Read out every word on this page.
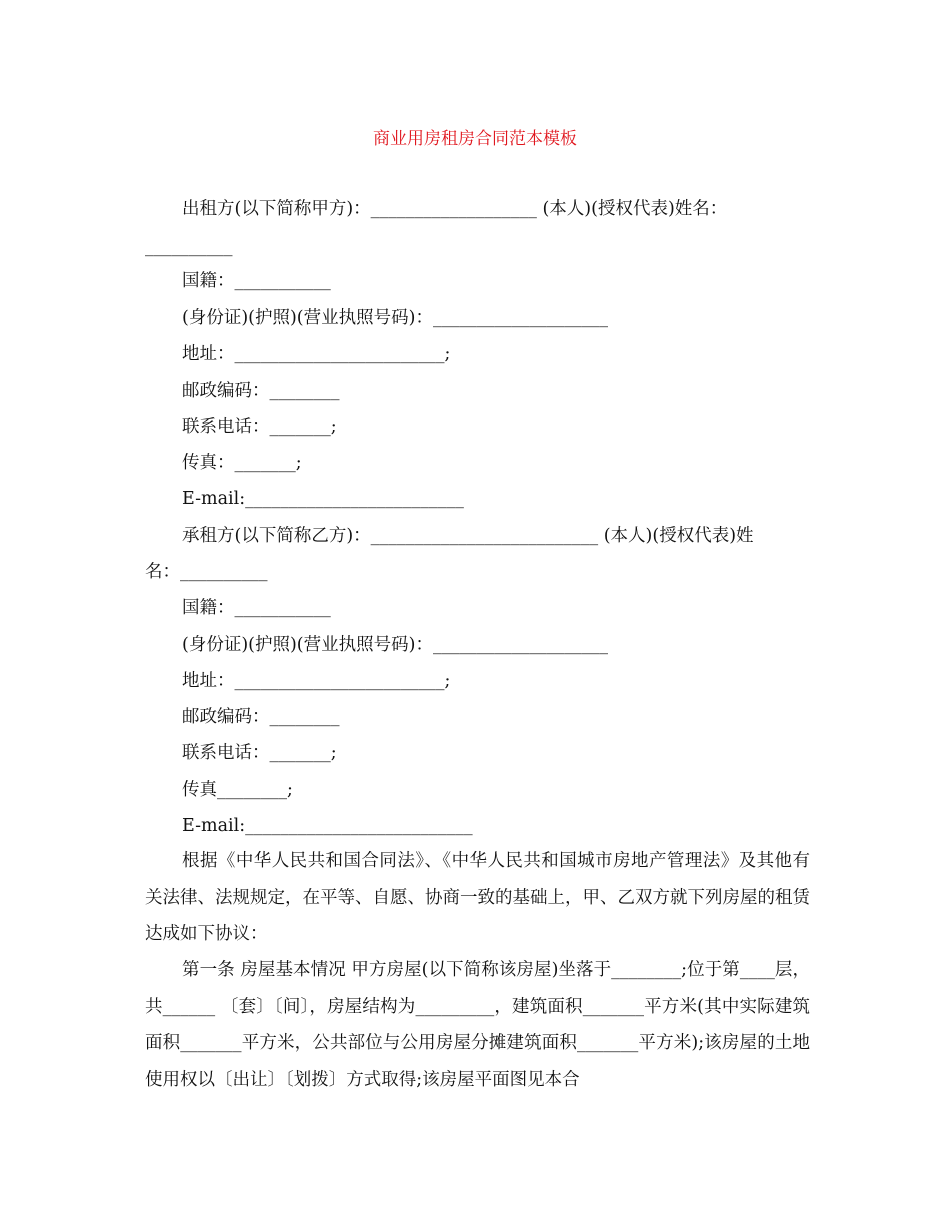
商业用房租房合同范本模板
出租方(以下简称甲方)：___________________ (本人)(授权代表)姓名：
__________
国籍：___________
(身份证)(护照)(营业执照号码)：____________________
地址：________________________;
邮政编码：________
联系电话：_______;
传真：_______;
E-mail:_________________________
承租方(以下简称乙方)：__________________________ (本人)(授权代表)姓
名：__________
国籍：___________
(身份证)(护照)(营业执照号码)：____________________
地址：________________________;
邮政编码：________
联系电话：_______;
传真________;
E-mail:__________________________
根据《中华人民共和国合同法》、《中华人民共和国城市房地产管理法》及其他有关法律、法规规定，在平等、自愿、协商一致的基础上，甲、乙双方就下列房屋的租赁达成如下协议：
第一条 房屋基本情况 甲方房屋(以下简称该房屋)坐落于________;位于第____层，共______ 〔套〕〔间〕，房屋结构为_________，建筑面积_______平方米(其中实际建筑面积_______平方米，公共部位与公用房屋分摊建筑面积_______平方米);该房屋的土地使用权以〔出让〕〔划拨〕方式取得;该房屋平面图见本合
